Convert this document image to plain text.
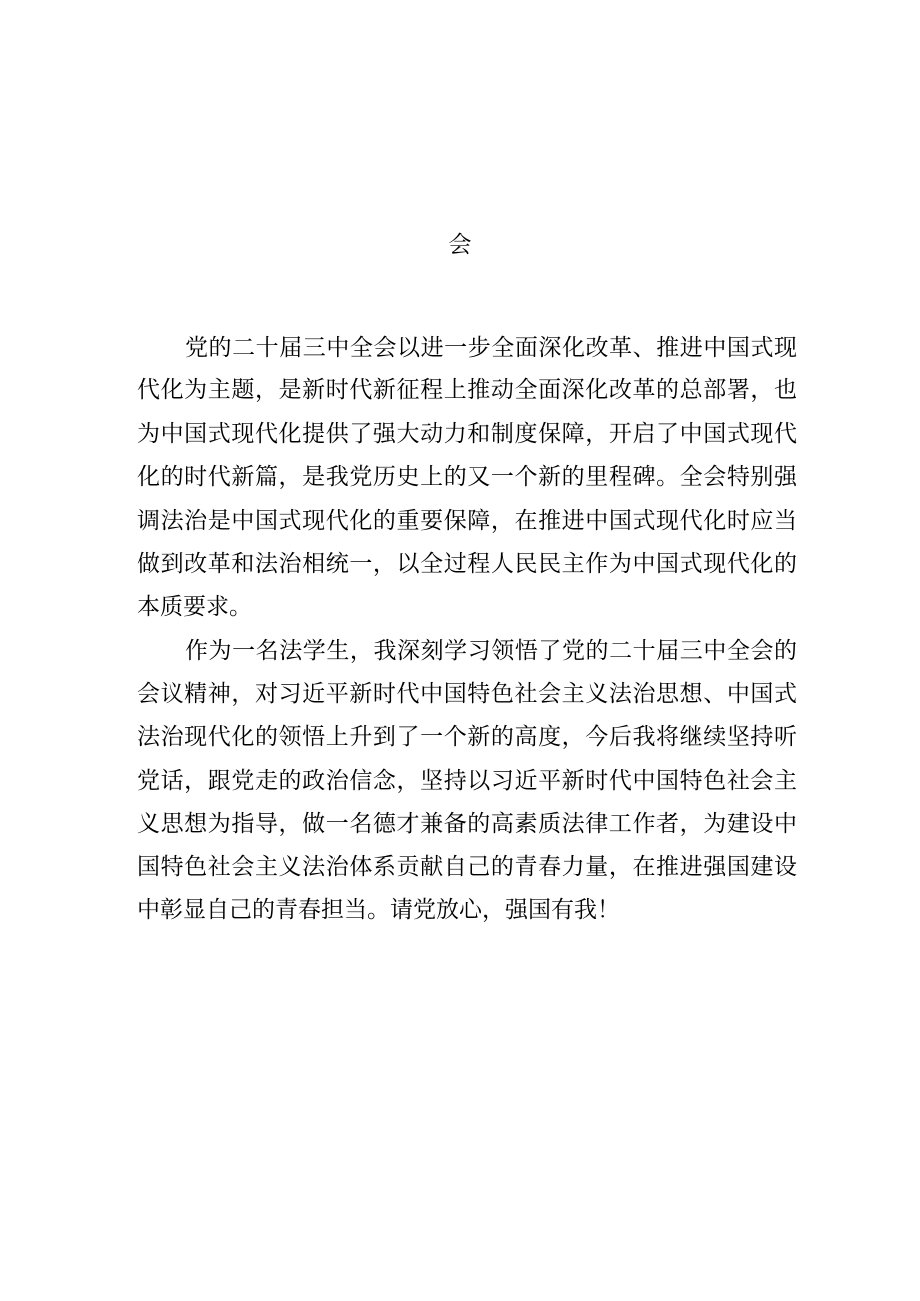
会
党的二十届三中全会以进一步全面深化改革、推进中国式现
代化为主题，是新时代新征程上推动全面深化改革的总部署，也
为中国式现代化提供了强大动力和制度保障，开启了中国式现代
化的时代新篇，是我党历史上的又一个新的里程碑。全会特别强
调法治是中国式现代化的重要保障，在推进中国式现代化时应当
做到改革和法治相统一，以全过程人民民主作为中国式现代化的
本质要求。
作为一名法学生，我深刻学习领悟了党的二十届三中全会的
会议精神，对习近平新时代中国特色社会主义法治思想、中国式
法治现代化的领悟上升到了一个新的高度，今后我将继续坚持听
党话，跟党走的政治信念，坚持以习近平新时代中国特色社会主
义思想为指导，做一名德才兼备的高素质法律工作者，为建设中
国特色社会主义法治体系贡献自己的青春力量，在推进强国建设
中彰显自己的青春担当。请党放心，强国有我！
